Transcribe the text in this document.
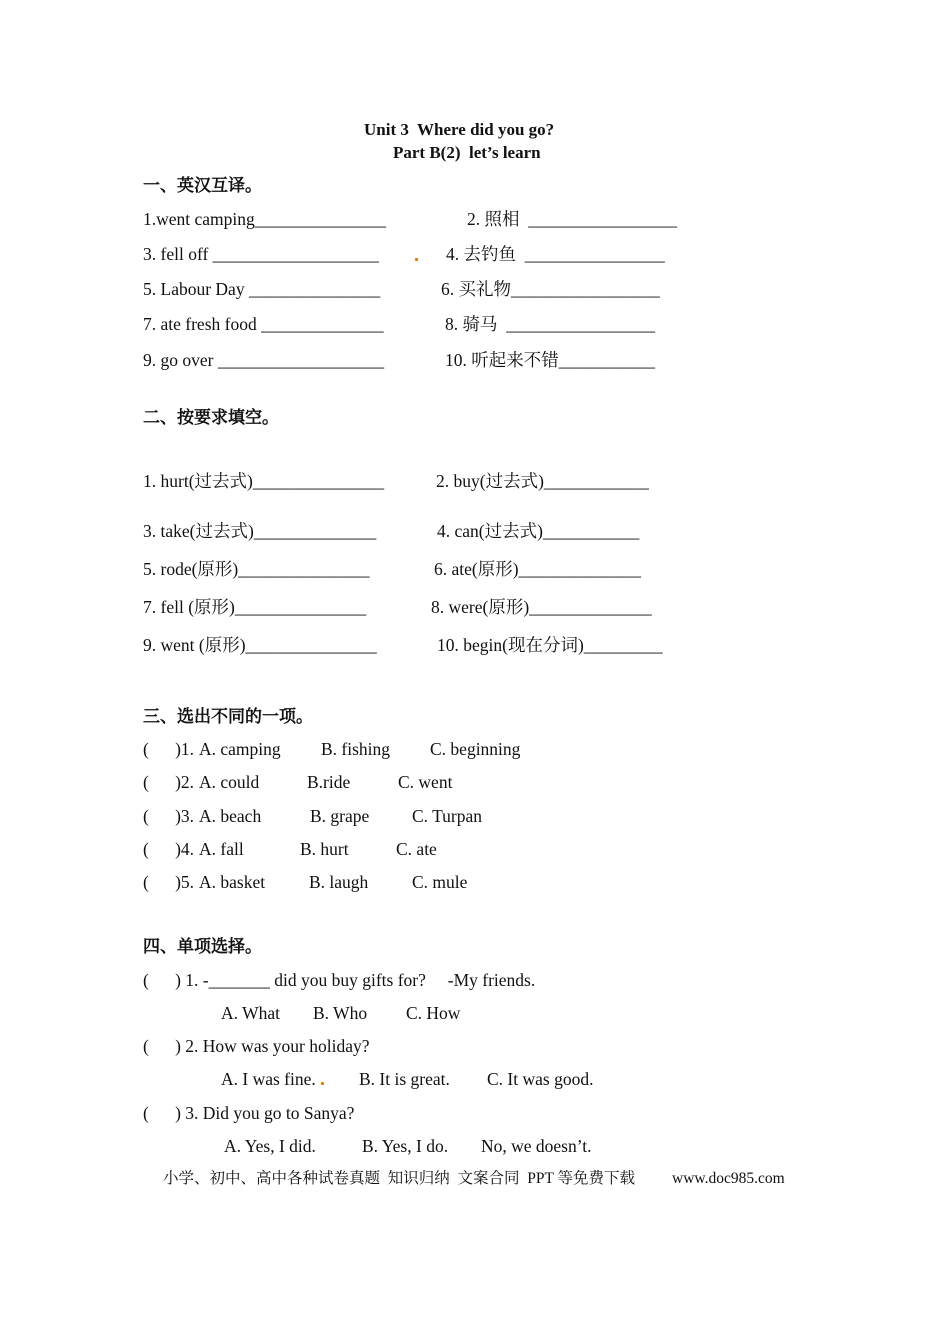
Unit 3  Where did you go?
Part B(2)  let’s learn
一、英汉互译。
1.went camping_______________	2. 照相  _________________
3. fell off ___________________	4. 去钓鱼  ________________
5. Labour Day _______________	6. 买礼物_________________
7. ate fresh food ______________	8. 骑马  _________________
9. go over ___________________	10. 听起来不错___________
二、按要求填空。
1. hurt(过去式)_______________	2. buy(过去式)____________
3. take(过去式)______________	4. can(过去式)___________
5. rode(原形)_______________	6. ate(原形)______________
7. fell (原形)_______________	8. were(原形)______________
9. went (原形)_______________	10. begin(现在分词)_________
三、选出不同的一项。
(      )1. A. camping B. fishing C. beginning
(      )2. A. could	B.ride	C. went
(      )3. A. beach	B. grape C. Turpan
(      )4. A. fall	B. hurt	C. ate
(      )5. A. basket	B. laugh C. mule
四、单项选择。
(      ) 1. -_______ did you buy gifts for?     -My friends.
A. What B. Who C. How
(      ) 2. How was your holiday?
A. I was fine. B. It is great. C. It was good.
(      ) 3. Did you go to Sanya?
A. Yes, I did.	B. Yes, I do. No, we doesn’t.
小学、初中、高中各种试卷真题  知识归纳  文案合同  PPT 等免费下载 www.doc985.com
